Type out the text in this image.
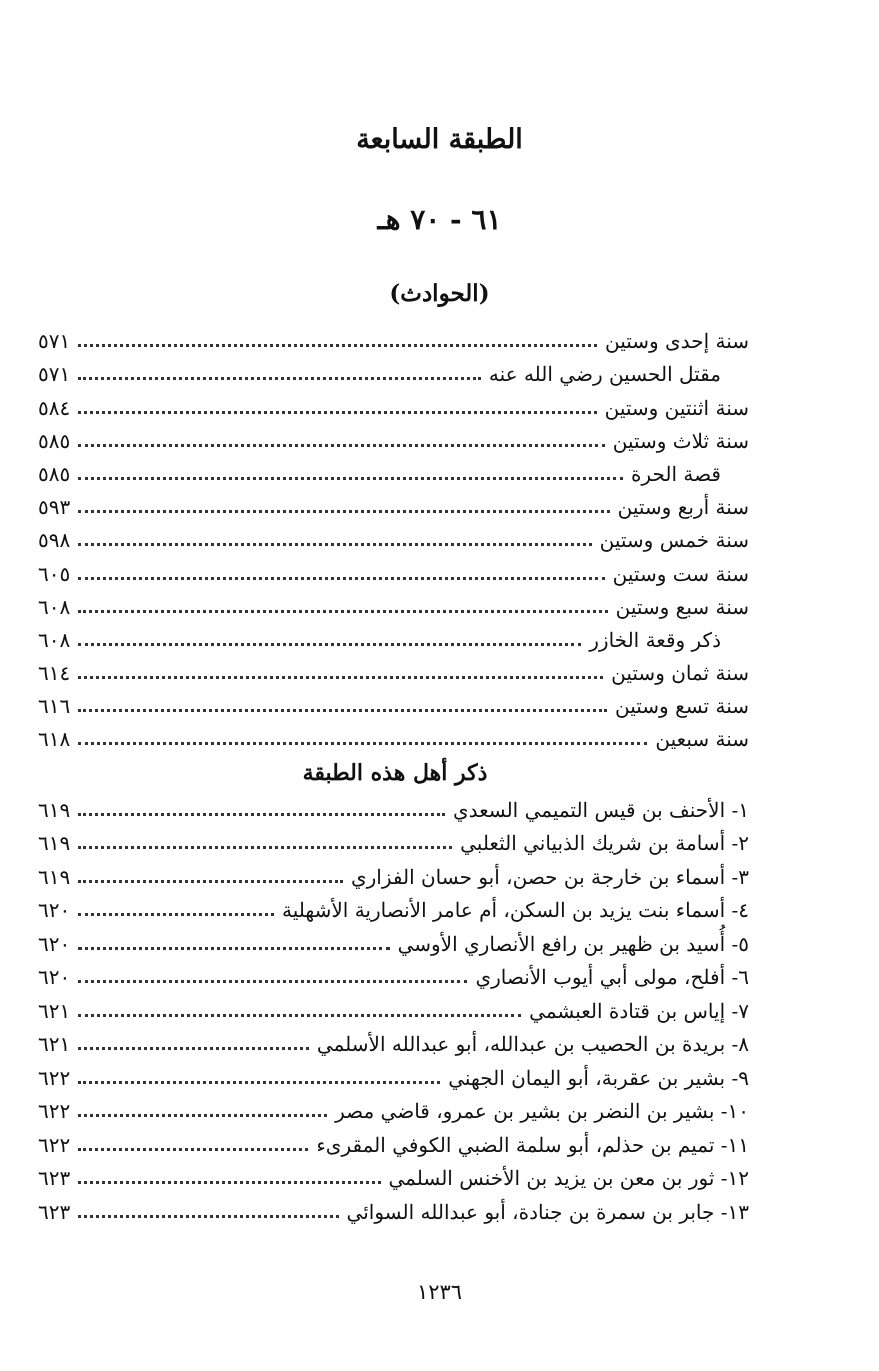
الطبقة السابعة
٦١ - ٧٠ هـ
(الحوادث)
سنة إحدى وستين
٥٧١
مقتل الحسين رضي الله عنه
٥٧١
سنة اثنتين وستين
٥٨٤
سنة ثلاث وستين
٥٨٥
قصة الحرة
٥٨٥
سنة أربع وستين
٥٩٣
سنة خمس وستين
٥٩٨
سنة ست وستين
٦٠٥
سنة سبع وستين
٦٠٨
ذكر وقعة الخازر
٦٠٨
سنة ثمان وستين
٦١٤
سنة تسع وستين
٦١٦
سنة سبعين
٦١٨
ذكر أهل هذه الطبقة
١- الأحنف بن قيس التميمي السعدي
٦١٩
٢- أسامة بن شريك الذبياني الثعلبي
٦١٩
٣- أسماء بن خارجة بن حصن، أبو حسان الفزاري
٦١٩
٤- أسماء بنت يزيد بن السكن، أم عامر الأنصارية الأشهلية
٦٢٠
٥- أُسيد بن ظهير بن رافع الأنصاري الأوسي
٦٢٠
٦- أفلح، مولى أبي أيوب الأنصاري
٦٢٠
٧- إياس بن قتادة العبشمي
٦٢١
٨- بريدة بن الحصيب بن عبدالله، أبو عبدالله الأسلمي
٦٢١
٩- بشير بن عقربة، أبو اليمان الجهني
٦٢٢
١٠- بشير بن النضر بن بشير بن عمرو، قاضي مصر
٦٢٢
١١- تميم بن حذلم، أبو سلمة الضبي الكوفي المقرىء
٦٢٢
١٢- ثور بن معن بن يزيد بن الأخنس السلمي
٦٢٣
١٣- جابر بن سمرة بن جنادة، أبو عبدالله السوائي
٦٢٣
١٢٣٦
